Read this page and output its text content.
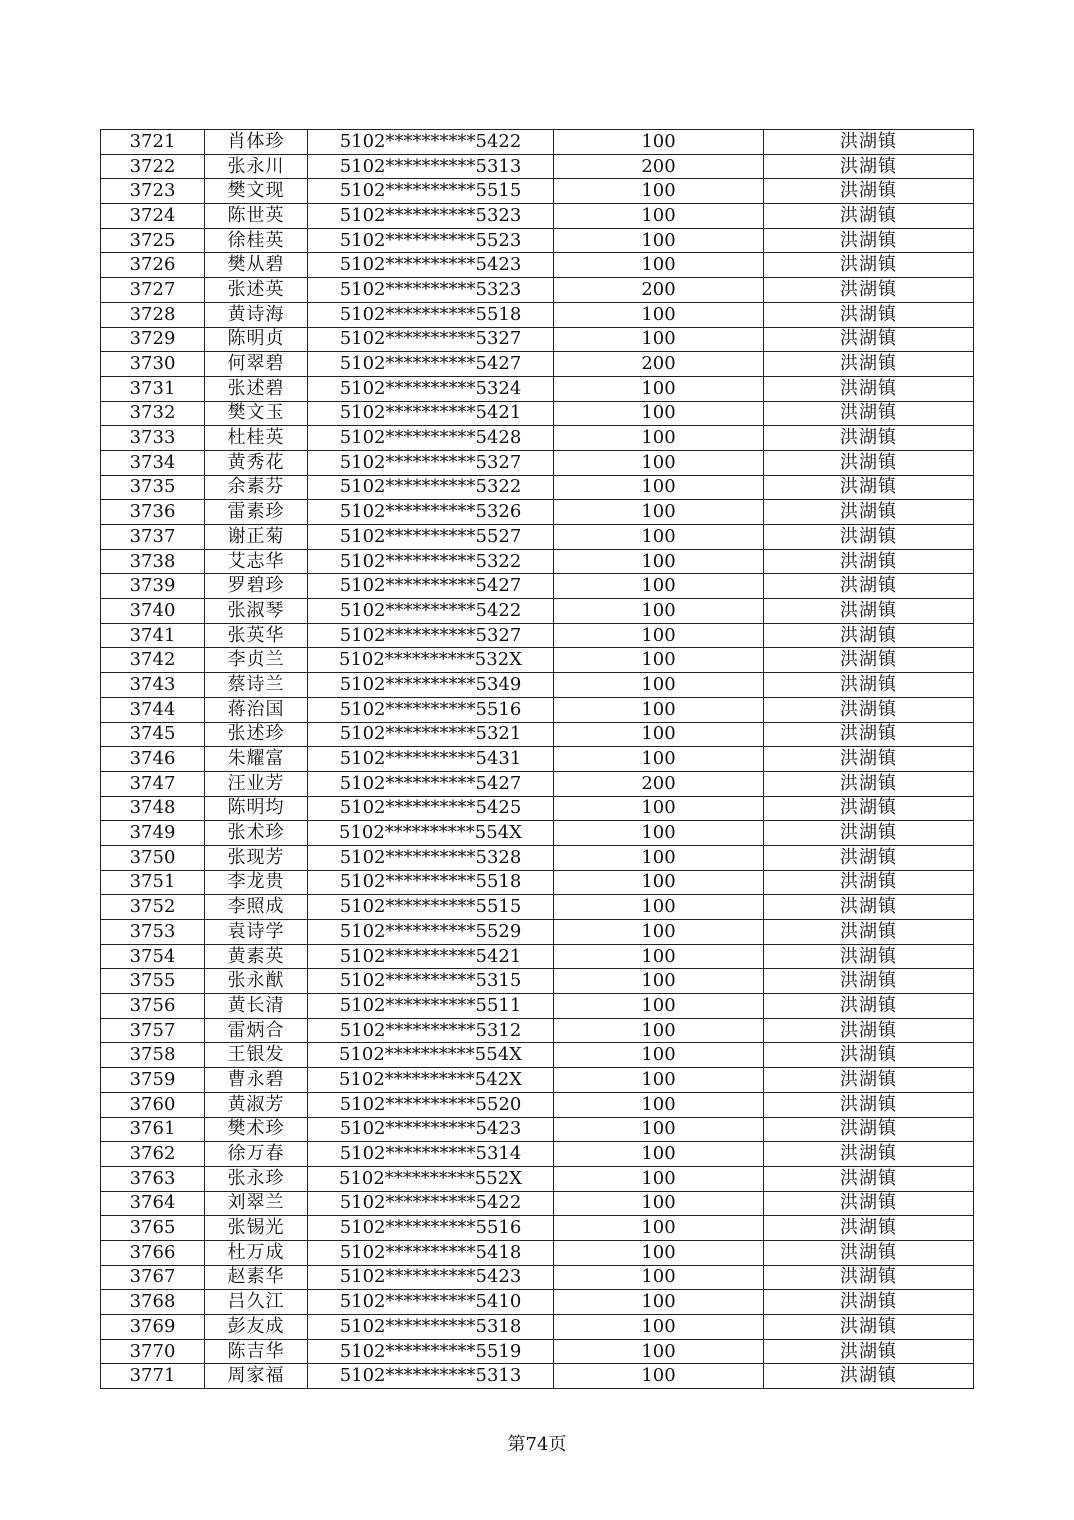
3721	肖体珍	5102**********5422	100	洪湖镇
3722	张永川	5102**********5313	200	洪湖镇
3723	樊文现	5102**********5515	100	洪湖镇
3724	陈世英	5102**********5323	100	洪湖镇
3725	徐桂英	5102**********5523	100	洪湖镇
3726	樊从碧	5102**********5423	100	洪湖镇
3727	张述英	5102**********5323	200	洪湖镇
3728	黄诗海	5102**********5518	100	洪湖镇
3729	陈明贞	5102**********5327	100	洪湖镇
3730	何翠碧	5102**********5427	200	洪湖镇
3731	张述碧	5102**********5324	100	洪湖镇
3732	樊文玉	5102**********5421	100	洪湖镇
3733	杜桂英	5102**********5428	100	洪湖镇
3734	黄秀花	5102**********5327	100	洪湖镇
3735	余素芬	5102**********5322	100	洪湖镇
3736	雷素珍	5102**********5326	100	洪湖镇
3737	谢正菊	5102**********5527	100	洪湖镇
3738	艾志华	5102**********5322	100	洪湖镇
3739	罗碧珍	5102**********5427	100	洪湖镇
3740	张淑琴	5102**********5422	100	洪湖镇
3741	张英华	5102**********5327	100	洪湖镇
3742	李贞兰	5102**********532X	100	洪湖镇
3743	蔡诗兰	5102**********5349	100	洪湖镇
3744	蒋治国	5102**********5516	100	洪湖镇
3745	张述珍	5102**********5321	100	洪湖镇
3746	朱耀富	5102**********5431	100	洪湖镇
3747	汪业芳	5102**********5427	200	洪湖镇
3748	陈明均	5102**********5425	100	洪湖镇
3749	张术珍	5102**********554X	100	洪湖镇
3750	张现芳	5102**********5328	100	洪湖镇
3751	李龙贵	5102**********5518	100	洪湖镇
3752	李照成	5102**********5515	100	洪湖镇
3753	袁诗学	5102**********5529	100	洪湖镇
3754	黄素英	5102**********5421	100	洪湖镇
3755	张永猷	5102**********5315	100	洪湖镇
3756	黄长清	5102**********5511	100	洪湖镇
3757	雷炳合	5102**********5312	100	洪湖镇
3758	王银发	5102**********554X	100	洪湖镇
3759	曹永碧	5102**********542X	100	洪湖镇
3760	黄淑芳	5102**********5520	100	洪湖镇
3761	樊术珍	5102**********5423	100	洪湖镇
3762	徐万春	5102**********5314	100	洪湖镇
3763	张永珍	5102**********552X	100	洪湖镇
3764	刘翠兰	5102**********5422	100	洪湖镇
3765	张锡光	5102**********5516	100	洪湖镇
3766	杜万成	5102**********5418	100	洪湖镇
3767	赵素华	5102**********5423	100	洪湖镇
3768	吕久江	5102**********5410	100	洪湖镇
3769	彭友成	5102**********5318	100	洪湖镇
3770	陈吉华	5102**********5519	100	洪湖镇
3771	周家福	5102**********5313	100	洪湖镇
第74页
